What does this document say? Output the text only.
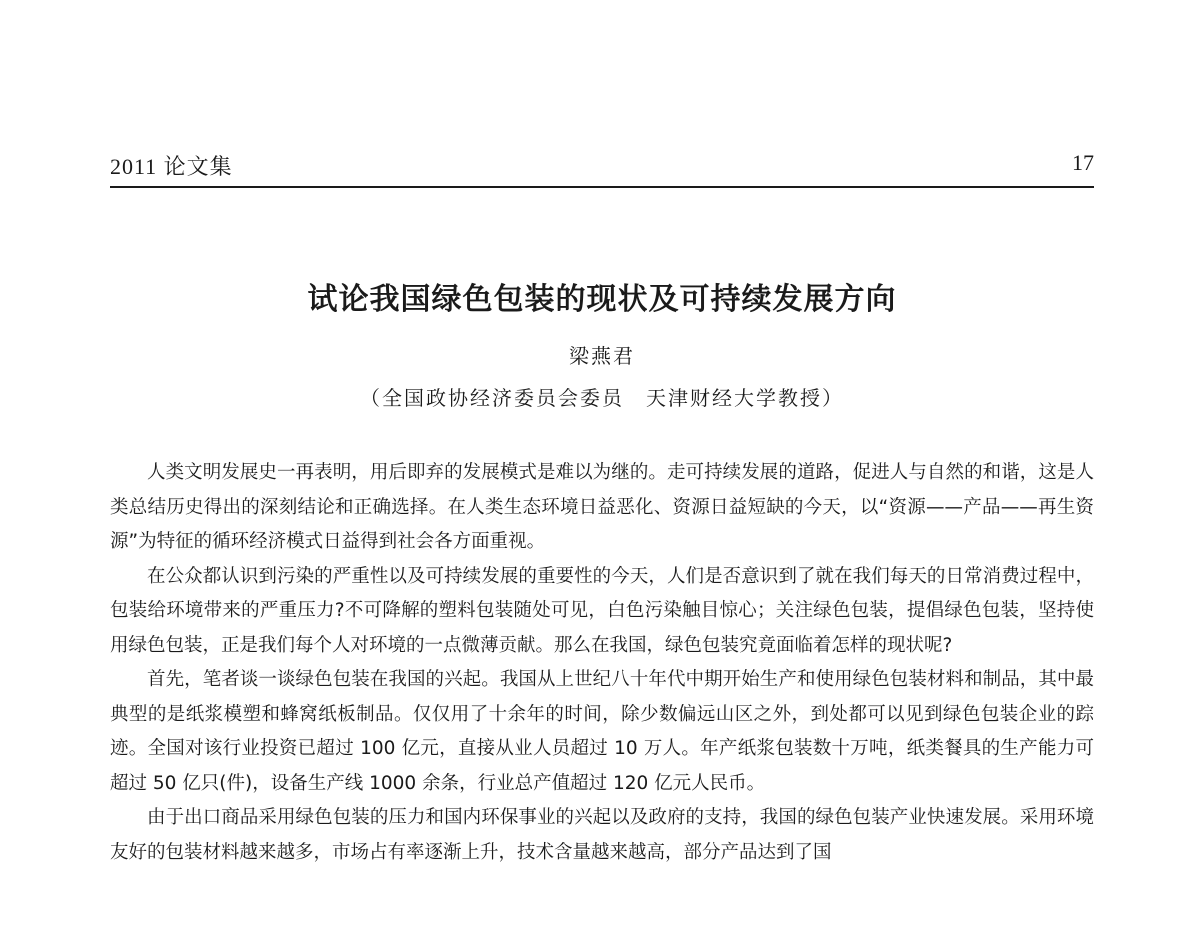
2011 论文集	17
试论我国绿色包装的现状及可持续发展方向
梁燕君
（全国政协经济委员会委员　天津财经大学教授）

人类文明发展史一再表明，用后即弃的发展模式是难以为继的。走可持续发展的道路，促进人与自然的和谐，这是人类总结历史得出的深刻结论和正确选择。在人类生态环境日益恶化、资源日益短缺的今天，以“资源——产品——再生资源”为特征的循环经济模式日益得到社会各方面重视。

在公众都认识到污染的严重性以及可持续发展的重要性的今天，人们是否意识到了就在我们每天的日常消费过程中，包装给环境带来的严重压力?不可降解的塑料包装随处可见，白色污染触目惊心；关注绿色包装，提倡绿色包装，坚持使用绿色包装，正是我们每个人对环境的一点微薄贡献。那么在我国，绿色包装究竟面临着怎样的现状呢?

首先，笔者谈一谈绿色包装在我国的兴起。我国从上世纪八十年代中期开始生产和使用绿色包装材料和制品，其中最典型的是纸浆模塑和蜂窝纸板制品。仅仅用了十余年的时间，除少数偏远山区之外，到处都可以见到绿色包装企业的踪迹。全国对该行业投资已超过 100 亿元，直接从业人员超过 10 万人。年产纸浆包装数十万吨，纸类餐具的生产能力可超过 50 亿只(件)，设备生产线 1000 余条，行业总产值超过 120 亿元人民币。

由于出口商品采用绿色包装的压力和国内环保事业的兴起以及政府的支持，我国的绿色包装产业快速发展。采用环境友好的包装材料越来越多，市场占有率逐渐上升，技术含量越来越高，部分产品达到了国
